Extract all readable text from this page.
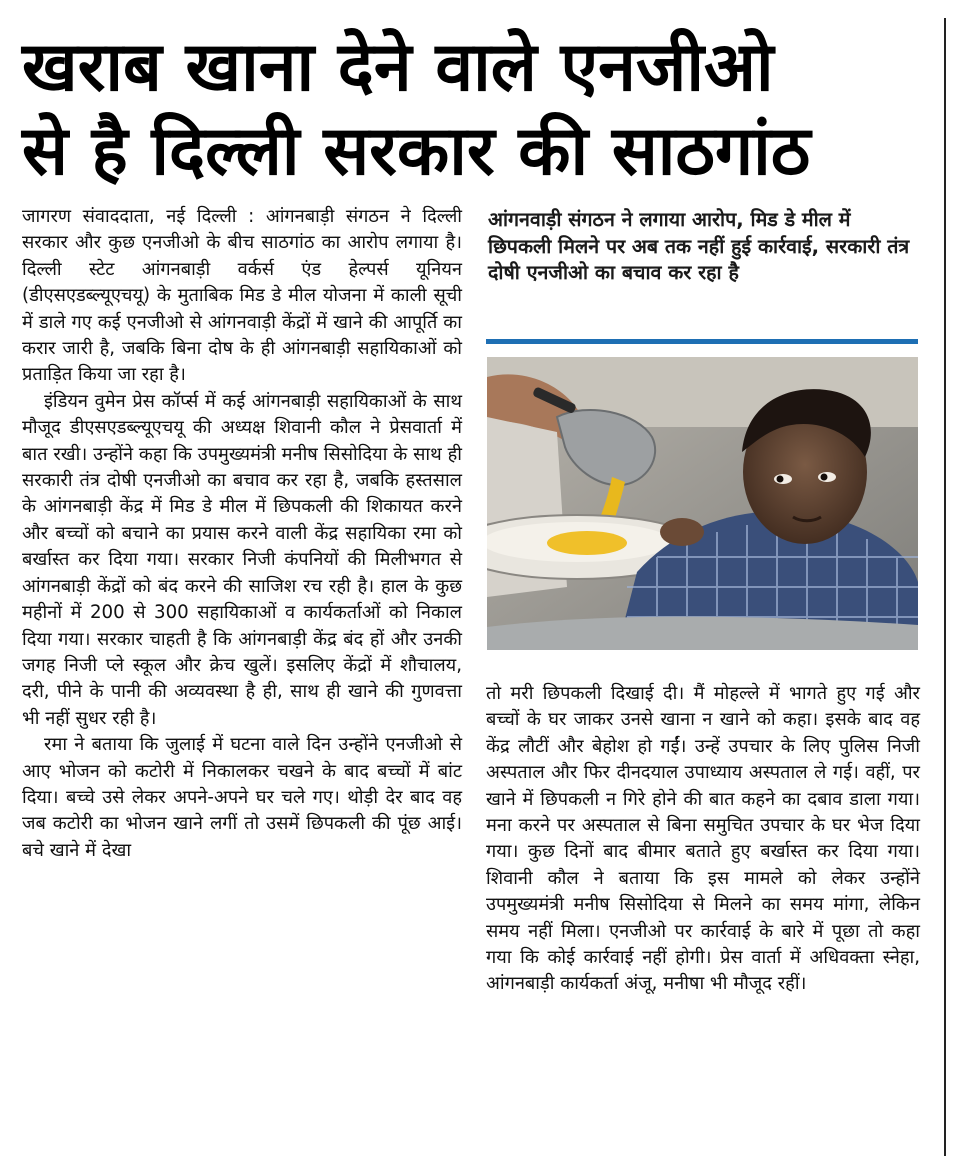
खराब खाना देने वाले एनजीओ
से है दिल्ली सरकार की साठगांठ

जागरण संवाददाता, नई दिल्ली : आंगनबाड़ी संगठन ने दिल्ली सरकार और कुछ एनजीओ के बीच साठगांठ का आरोप लगाया है। दिल्ली स्टेट आंगनबाड़ी वर्कर्स एंड हेल्पर्स यूनियन (डीएसएडब्ल्यूएचयू) के मुताबिक मिड डे मील योजना में काली सूची में डाले गए कई एनजीओ से आंगनवाड़ी केंद्रों में खाने की आपूर्ति का करार जारी है, जबकि बिना दोष के ही आंगनबाड़ी सहायिकाओं को प्रताड़ित किया जा रहा है।

इंडियन वुमेन प्रेस कॉर्प्स में कई आंगनबाड़ी सहायिकाओं के साथ मौजूद डीएसएडब्ल्यूएचयू की अध्यक्ष शिवानी कौल ने प्रेसवार्ता में बात रखी। उन्होंने कहा कि उपमुख्यमंत्री मनीष सिसोदिया के साथ ही सरकारी तंत्र दोषी एनजीओ का बचाव कर रहा है, जबकि हस्तसाल के आंगनबाड़ी केंद्र में मिड डे मील में छिपकली की शिकायत करने और बच्चों को बचाने का प्रयास करने वाली केंद्र सहायिका रमा को बर्खास्त कर दिया गया। सरकार निजी कंपनियों की मिलीभगत से आंगनबाड़ी केंद्रों को बंद करने की साजिश रच रही है। हाल के कुछ महीनों में 200 से 300 सहायिकाओं व कार्यकर्ताओं को निकाल दिया गया। सरकार चाहती है कि आंगनबाड़ी केंद्र बंद हों और उनकी जगह निजी प्ले स्कूल और क्रेच खुलें। इसलिए केंद्रों में शौचालय, दरी, पीने के पानी की अव्यवस्था है ही, साथ ही खाने की गुणवत्ता भी नहीं सुधर रही है।

रमा ने बताया कि जुलाई में घटना वाले दिन उन्होंने एनजीओ से आए भोजन को कटोरी में निकालकर चखने के बाद बच्चों में बांट दिया। बच्चे उसे लेकर अपने-अपने घर चले गए। थोड़ी देर बाद वह जब कटोरी का भोजन खाने लगीं तो उसमें छिपकली की पूंछ आई। बचे खाने में देखा

आंगनवाड़ी संगठन ने लगाया आरोप, मिड डे मील में छिपकली मिलने पर अब तक नहीं हुई कार्रवाई, सरकारी तंत्र दोषी एनजीओ का बचाव कर रहा है

तो मरी छिपकली दिखाई दी। मैं मोहल्ले में भागते हुए गई और बच्चों के घर जाकर उनसे खाना न खाने को कहा। इसके बाद वह केंद्र लौटीं और बेहोश हो गईं। उन्हें उपचार के लिए पुलिस निजी अस्पताल और फिर दीनदयाल उपाध्याय अस्पताल ले गई। वहीं, पर खाने में छिपकली न गिरे होने की बात कहने का दबाव डाला गया। मना करने पर अस्पताल से बिना समुचित उपचार के घर भेज दिया गया। कुछ दिनों बाद बीमार बताते हुए बर्खास्त कर दिया गया। शिवानी कौल ने बताया कि इस मामले को लेकर उन्होंने उपमुख्यमंत्री मनीष सिसोदिया से मिलने का समय मांगा, लेकिन समय नहीं मिला। एनजीओ पर कार्रवाई के बारे में पूछा तो कहा गया कि कोई कार्रवाई नहीं होगी। प्रेस वार्ता में अधिवक्ता स्नेहा, आंगनबाड़ी कार्यकर्ता अंजू, मनीषा भी मौजूद रहीं।
